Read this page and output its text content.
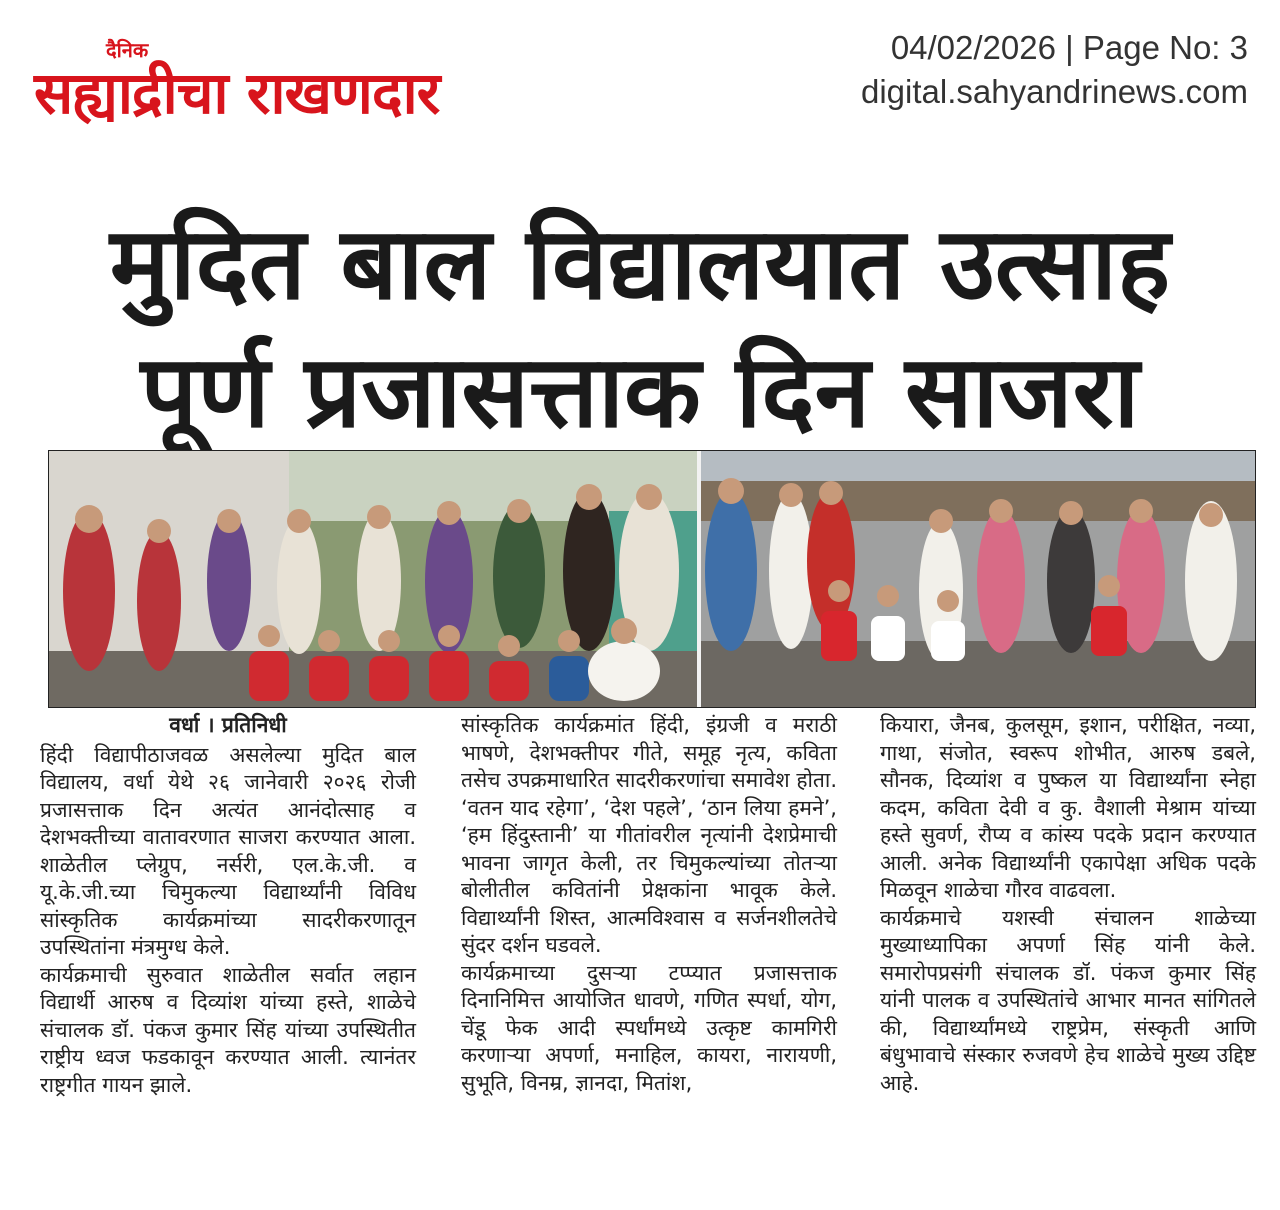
दैनिक
सह्याद्रीचा राखणदार
04/02/2026 | Page No: 3
digital.sahyandrinews.com
मुदित बाल विद्यालयात उत्साह
पूर्ण प्रजासत्ताक दिन साजरा

वर्धा । प्रतिनिधी

हिंदी विद्यापीठाजवळ असलेल्या मुदित बाल विद्यालय, वर्धा येथे २६ जानेवारी २०२६ रोजी प्रजासत्ताक दिन अत्यंत आनंदोत्साह व देशभक्तीच्या वातावरणात साजरा करण्यात आला. शाळेतील प्लेग्रुप, नर्सरी, एल.के.जी. व यू.के.जी.च्या चिमुकल्या विद्यार्थ्यांनी विविध सांस्कृतिक कार्यक्रमांच्या सादरीकरणातून उपस्थितांना मंत्रमुग्ध केले.

कार्यक्रमाची सुरुवात शाळेतील सर्वात लहान विद्यार्थी आरुष व दिव्यांश यांच्या हस्ते, शाळेचे संचालक डॉ. पंकज कुमार सिंह यांच्या उपस्थितीत राष्ट्रीय ध्वज फडकावून करण्यात आली. त्यानंतर राष्ट्रगीत गायन झाले.

सांस्कृतिक कार्यक्रमांत हिंदी, इंग्रजी व मराठी भाषणे, देशभक्तीपर गीते, समूह नृत्य, कविता तसेच उपक्रमाधारित सादरीकरणांचा समावेश होता. ‘वतन याद रहेगा’, ‘देश पहले’, ‘ठान लिया हमने’, ‘हम हिंदुस्तानी’ या गीतांवरील नृत्यांनी देशप्रेमाची भावना जागृत केली, तर चिमुकल्यांच्या तोतऱ्या बोलीतील कवितांनी प्रेक्षकांना भावूक केले. विद्यार्थ्यांनी शिस्त, आत्मविश्वास व सर्जनशीलतेचे सुंदर दर्शन घडवले.

कार्यक्रमाच्या दुसऱ्या टप्प्यात प्रजासत्ताक दिनानिमित्त आयोजित धावणे, गणित स्पर्धा, योग, चेंडू फेक आदी स्पर्धांमध्ये उत्कृष्ट कामगिरी करणाऱ्या अपर्णा, मनाहिल, कायरा, नारायणी, सुभूति, विनम्र, ज्ञानदा, मितांश,

कियारा, जैनब, कुलसूम, इशान, परीक्षित, नव्या, गाथा, संजोत, स्वरूप शोभीत, आरुष डबले, सौनक, दिव्यांश व पुष्कल या विद्यार्थ्यांना स्नेहा कदम, कविता देवी व कु. वैशाली मेश्राम यांच्या हस्ते सुवर्ण, रौप्य व कांस्य पदके प्रदान करण्यात आली. अनेक विद्यार्थ्यांनी एकापेक्षा अधिक पदके मिळवून शाळेचा गौरव वाढवला.

कार्यक्रमाचे यशस्वी संचालन शाळेच्या मुख्याध्यापिका अपर्णा सिंह यांनी केले. समारोपप्रसंगी संचालक डॉ. पंकज कुमार सिंह यांनी पालक व उपस्थितांचे आभार मानत सांगितले की, विद्यार्थ्यांमध्ये राष्ट्रप्रेम, संस्कृती आणि बंधुभावाचे संस्कार रुजवणे हेच शाळेचे मुख्य उद्दिष्ट आहे.
